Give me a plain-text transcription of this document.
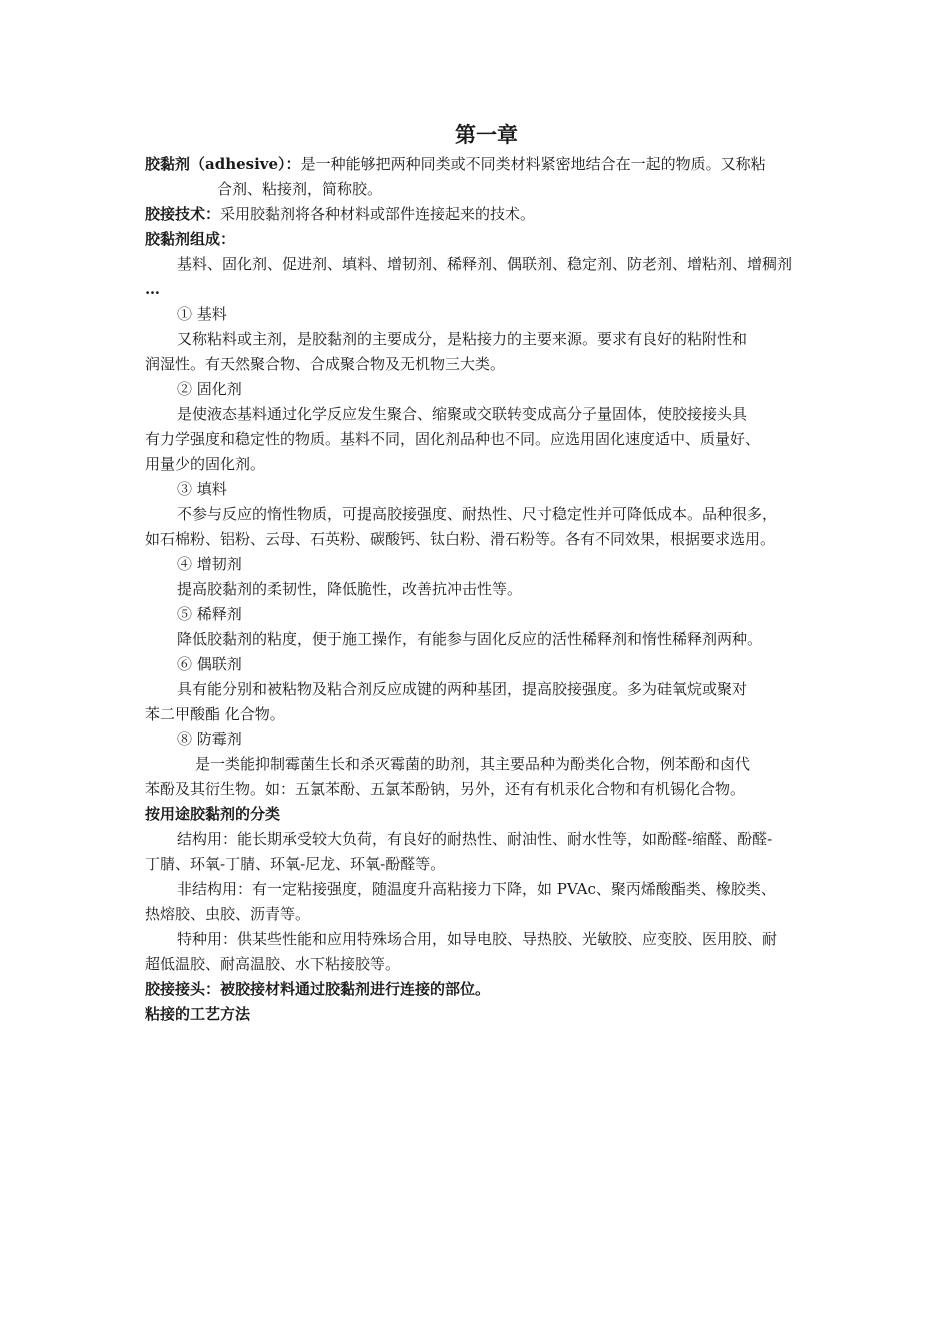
第一章

胶黏剂（adhesive）：是一种能够把两种同类或不同类材料紧密地结合在一起的物质。又称粘

合剂、粘接剂，简称胶。

胶接技术：采用胶黏剂将各种材料或部件连接起来的技术。

胶黏剂组成：

基料、固化剂、促进剂、填料、增韧剂、稀释剂、偶联剂、稳定剂、防老剂、增粘剂、增稠剂

…

① 基料

又称粘料或主剂，是胶黏剂的主要成分，是粘接力的主要来源。要求有良好的粘附性和

润湿性。有天然聚合物、合成聚合物及无机物三大类。

② 固化剂

是使液态基料通过化学反应发生聚合、缩聚或交联转变成高分子量固体，使胶接接头具

有力学强度和稳定性的物质。基料不同，固化剂品种也不同。应选用固化速度适中、质量好、

用量少的固化剂。

③ 填料

不参与反应的惰性物质，可提高胶接强度、耐热性、尺寸稳定性并可降低成本。品种很多，

如石棉粉、铝粉、云母、石英粉、碳酸钙、钛白粉、滑石粉等。各有不同效果，根据要求选用。

④ 增韧剂

提高胶黏剂的柔韧性，降低脆性，改善抗冲击性等。

⑤ 稀释剂

降低胶黏剂的粘度，便于施工操作，有能参与固化反应的活性稀释剂和惰性稀释剂两种。

⑥ 偶联剂

具有能分别和被粘物及粘合剂反应成键的两种基团，提高胶接强度。多为硅氧烷或聚对

苯二甲酸酯 化合物。

⑧ 防霉剂

是一类能抑制霉菌生长和杀灭霉菌的助剂，其主要品种为酚类化合物，例苯酚和卤代

苯酚及其衍生物。如：五氯苯酚、五氯苯酚钠，另外，还有有机汞化合物和有机锡化合物。

按用途胶黏剂的分类

结构用：能长期承受较大负荷，有良好的耐热性、耐油性、耐水性等，如酚醛-缩醛、酚醛-

丁腈、环氧-丁腈、环氧-尼龙、环氧-酚醛等。

非结构用：有一定粘接强度，随温度升高粘接力下降，如 PVAc、聚丙烯酸酯类、橡胶类、

热熔胶、虫胶、沥青等。

特种用：供某些性能和应用特殊场合用，如导电胶、导热胶、光敏胶、应变胶、医用胶、耐

超低温胶、耐高温胶、水下粘接胶等。

胶接接头：被胶接材料通过胶黏剂进行连接的部位。

粘接的工艺方法
